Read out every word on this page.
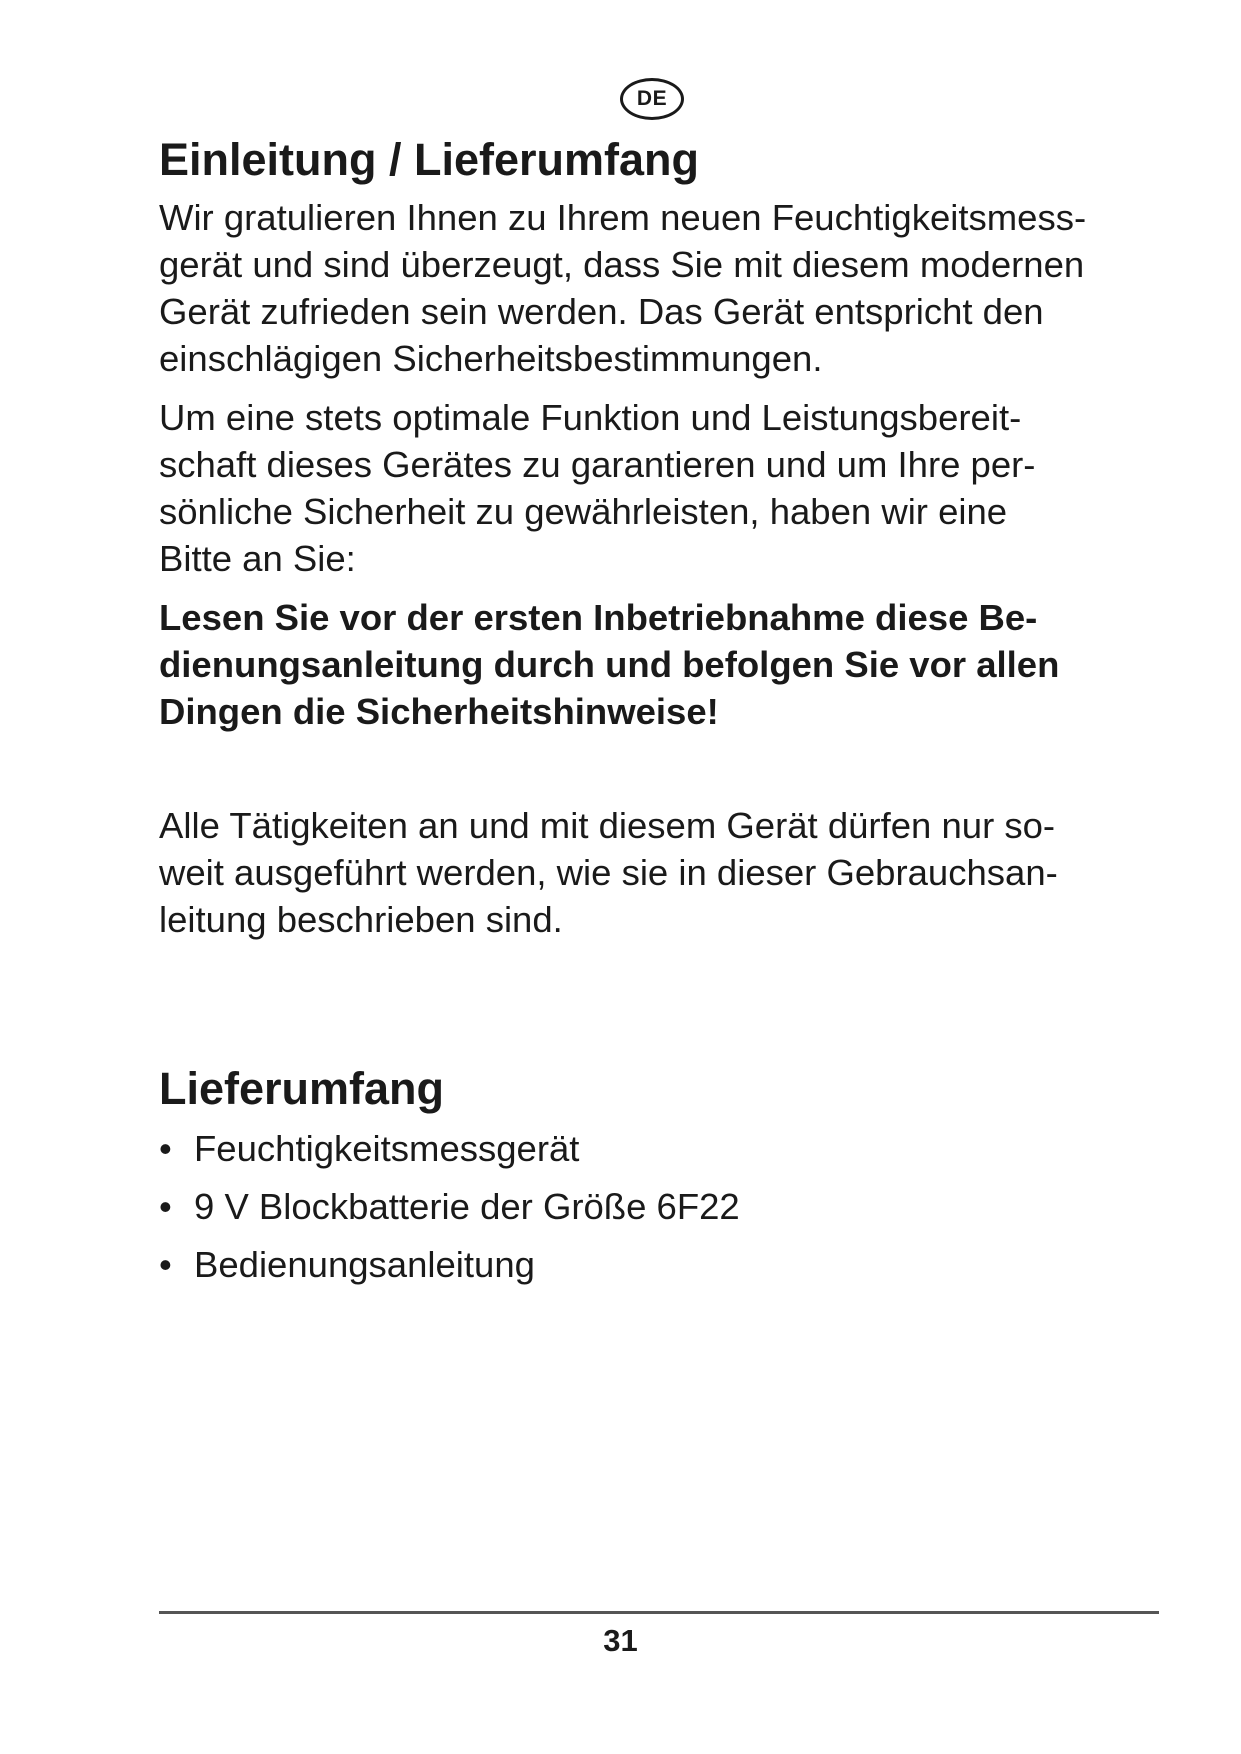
DE
Einleitung / Lieferumfang

Wir gratulieren Ihnen zu Ihrem neuen Feuchtigkeitsmess-
gerät und sind überzeugt, dass Sie mit diesem modernen
Gerät zufrieden sein werden. Das Gerät entspricht den
einschlägigen Sicherheitsbestimmungen.

Um eine stets optimale Funktion und Leistungsbereit-
schaft dieses Gerätes zu garantieren und um Ihre per-
sönliche Sicherheit zu gewährleisten, haben wir eine
Bitte an Sie:

Lesen Sie vor der ersten Inbetriebnahme diese Be-
dienungsanleitung durch und befolgen Sie vor allen
Dingen die Sicherheitshinweise!

Alle Tätigkeiten an und mit diesem Gerät dürfen nur so-
weit ausgeführt werden, wie sie in dieser Gebrauchsan-
leitung beschrieben sind.

Lieferumfang
• Feuchtigkeitsmessgerät
• 9 V Blockbatterie der Größe 6F22
• Bedienungsanleitung
31
